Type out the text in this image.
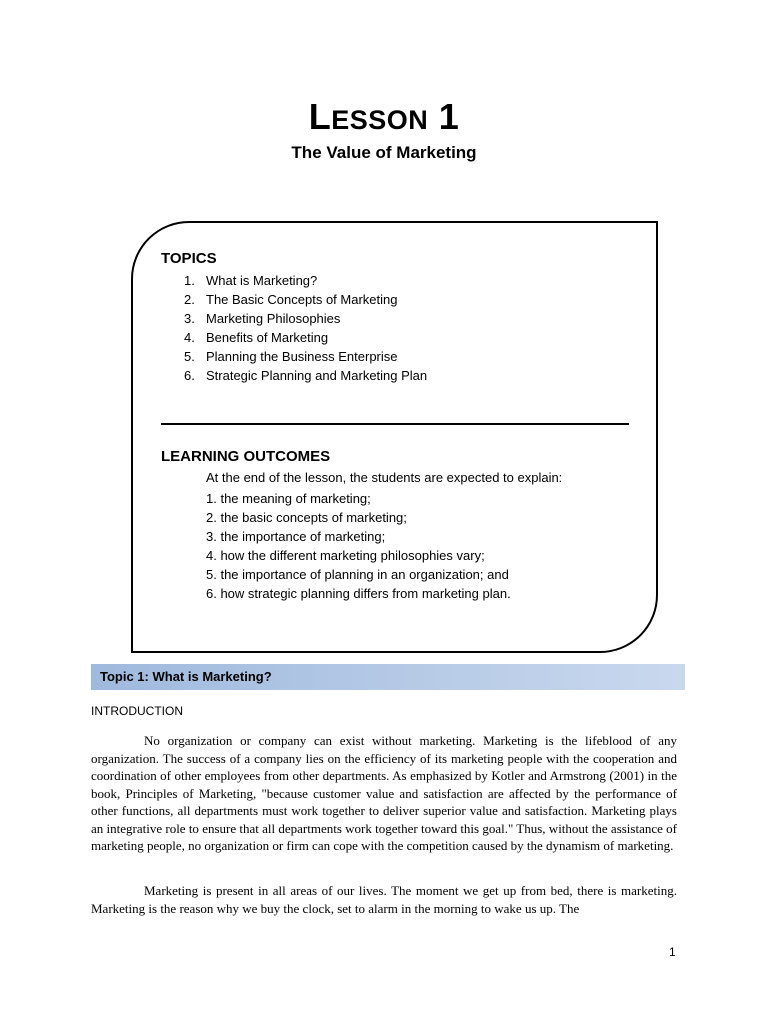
LESSON 1
The Value of Marketing
TOPICS
1. What is Marketing?
2. The Basic Concepts of Marketing
3. Marketing Philosophies
4. Benefits of Marketing
5. Planning the Business Enterprise
6. Strategic Planning and Marketing Plan
LEARNING OUTCOMES
At the end of the lesson, the students are expected to explain:
1. the meaning of marketing;
2. the basic concepts of marketing;
3. the importance of marketing;
4. how the different marketing philosophies vary;
5. the importance of planning in an organization; and
6. how strategic planning differs from marketing plan.
Topic 1: What is Marketing?
INTRODUCTION

No organization or company can exist without marketing. Marketing is the lifeblood of any organization. The success of a company lies on the efficiency of its marketing people with the cooperation and coordination of other employees from other departments. As emphasized by Kotler and Armstrong (2001) in the book, Principles of Marketing, "because customer value and satisfaction are affected by the performance of other functions, all departments must work together to deliver superior value and satisfaction. Marketing plays an integrative role to ensure that all departments work together toward this goal." Thus, without the assistance of marketing people, no organization or firm can cope with the competition caused by the dynamism of marketing.

Marketing is present in all areas of our lives. The moment we get up from bed, there is marketing. Marketing is the reason why we buy the clock, set to alarm in the morning to wake us up. The

1
